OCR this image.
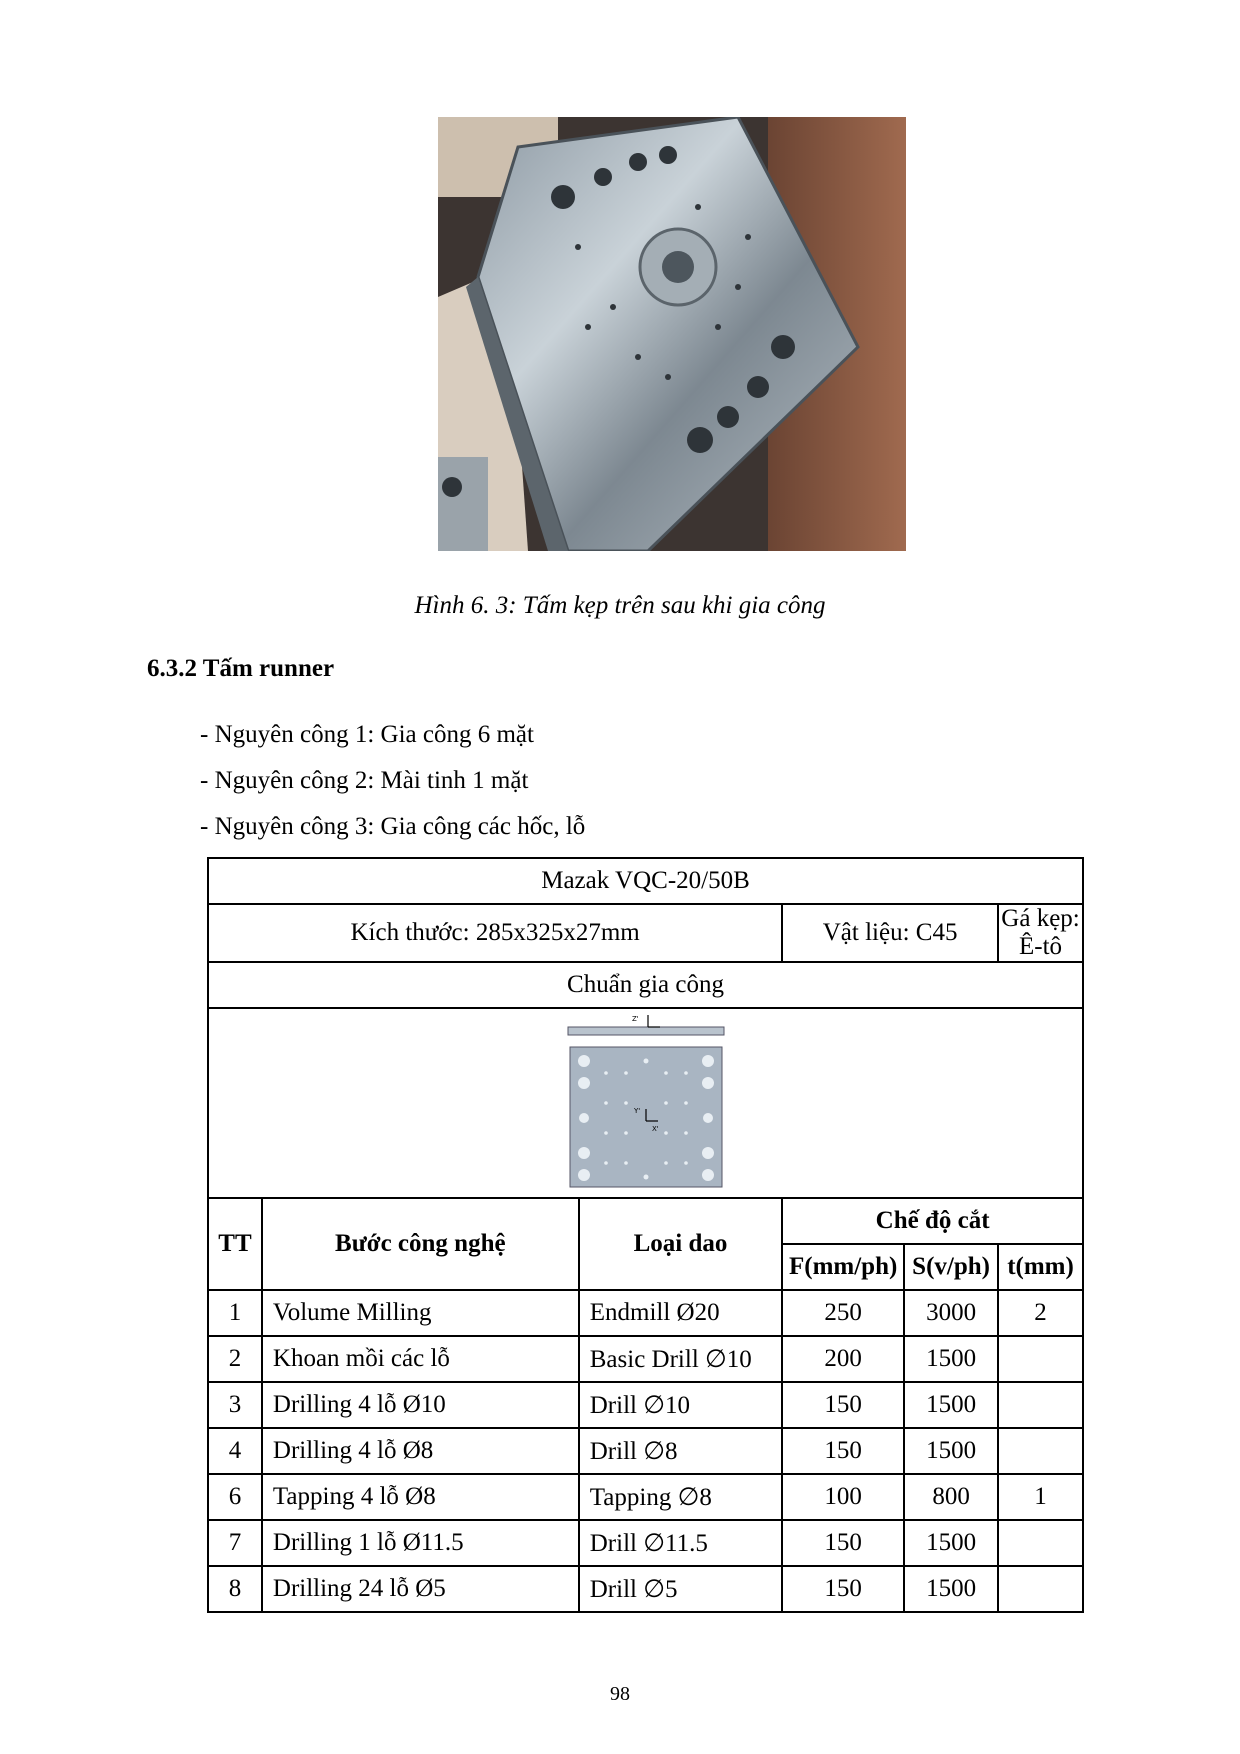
Hình 6. 3: Tấm kẹp trên sau khi gia công
6.3.2 Tấm runner
- Nguyên công 1: Gia công 6 mặt
- Nguyên công 2: Mài tinh 1 mặt
- Nguyên công 3: Gia công các hốc, lỗ
Mazak VQC-20/50B					
Kích thước: 285x325x27mm			Vật liệu: C45		Gá kẹp: Ê-tô
Chuẩn gia công					

Z'
Y'
X'					

TT	Bước công nghệ	Loại dao	Chế độ cắt		
			F(mm/ph)	S(v/ph)	t(mm)
1	Volume Milling	Endmill Ø20	250	3000	2
2	Khoan mồi các lỗ	Basic Drill ∅10	200	1500	
3	Drilling 4 lỗ Ø10	Drill ∅10	150	1500	
4	Drilling 4 lỗ Ø8	Drill ∅8	150	1500	
6	Tapping 4 lỗ Ø8	Tapping ∅8	100	800	1
7	Drilling 1 lỗ Ø11.5	Drill ∅11.5	150	1500	
8	Drilling 24 lỗ Ø5	Drill ∅5	150	1500	
98
